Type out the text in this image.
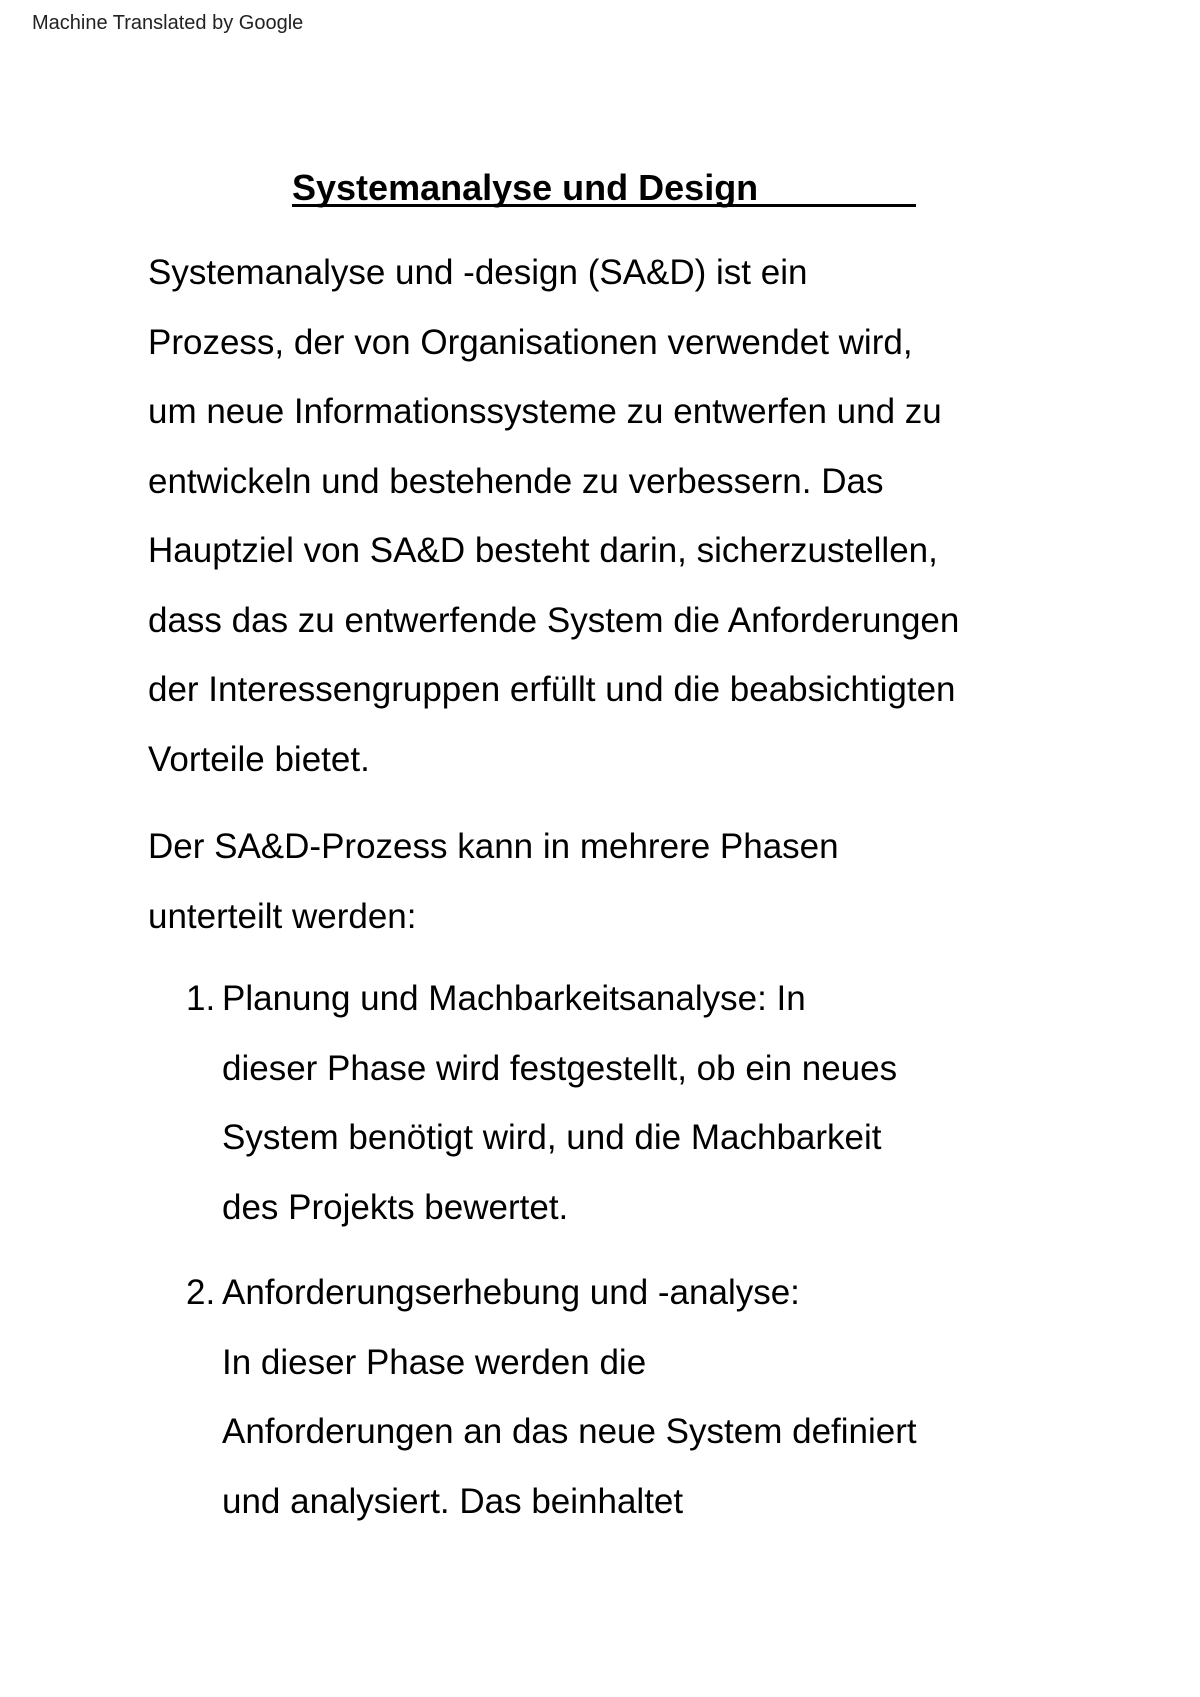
Machine Translated by Google
Systemanalyse und Design

Systemanalyse und -design (SA&D) ist ein
Prozess, der von Organisationen verwendet wird,
um neue Informationssysteme zu entwerfen und zu
entwickeln und bestehende zu verbessern. Das
Hauptziel von SA&D besteht darin, sicherzustellen,
dass das zu entwerfende System die Anforderungen
der Interessengruppen erfüllt und die beabsichtigten
Vorteile bietet.

Der SA&D-Prozess kann in mehrere Phasen
unterteilt werden:

1. Planung und Machbarkeitsanalyse: In
dieser Phase wird festgestellt, ob ein neues
System benötigt wird, und die Machbarkeit
des Projekts bewertet.
2. Anforderungserhebung und -analyse:
In dieser Phase werden die
Anforderungen an das neue System definiert
und analysiert. Das beinhaltet
